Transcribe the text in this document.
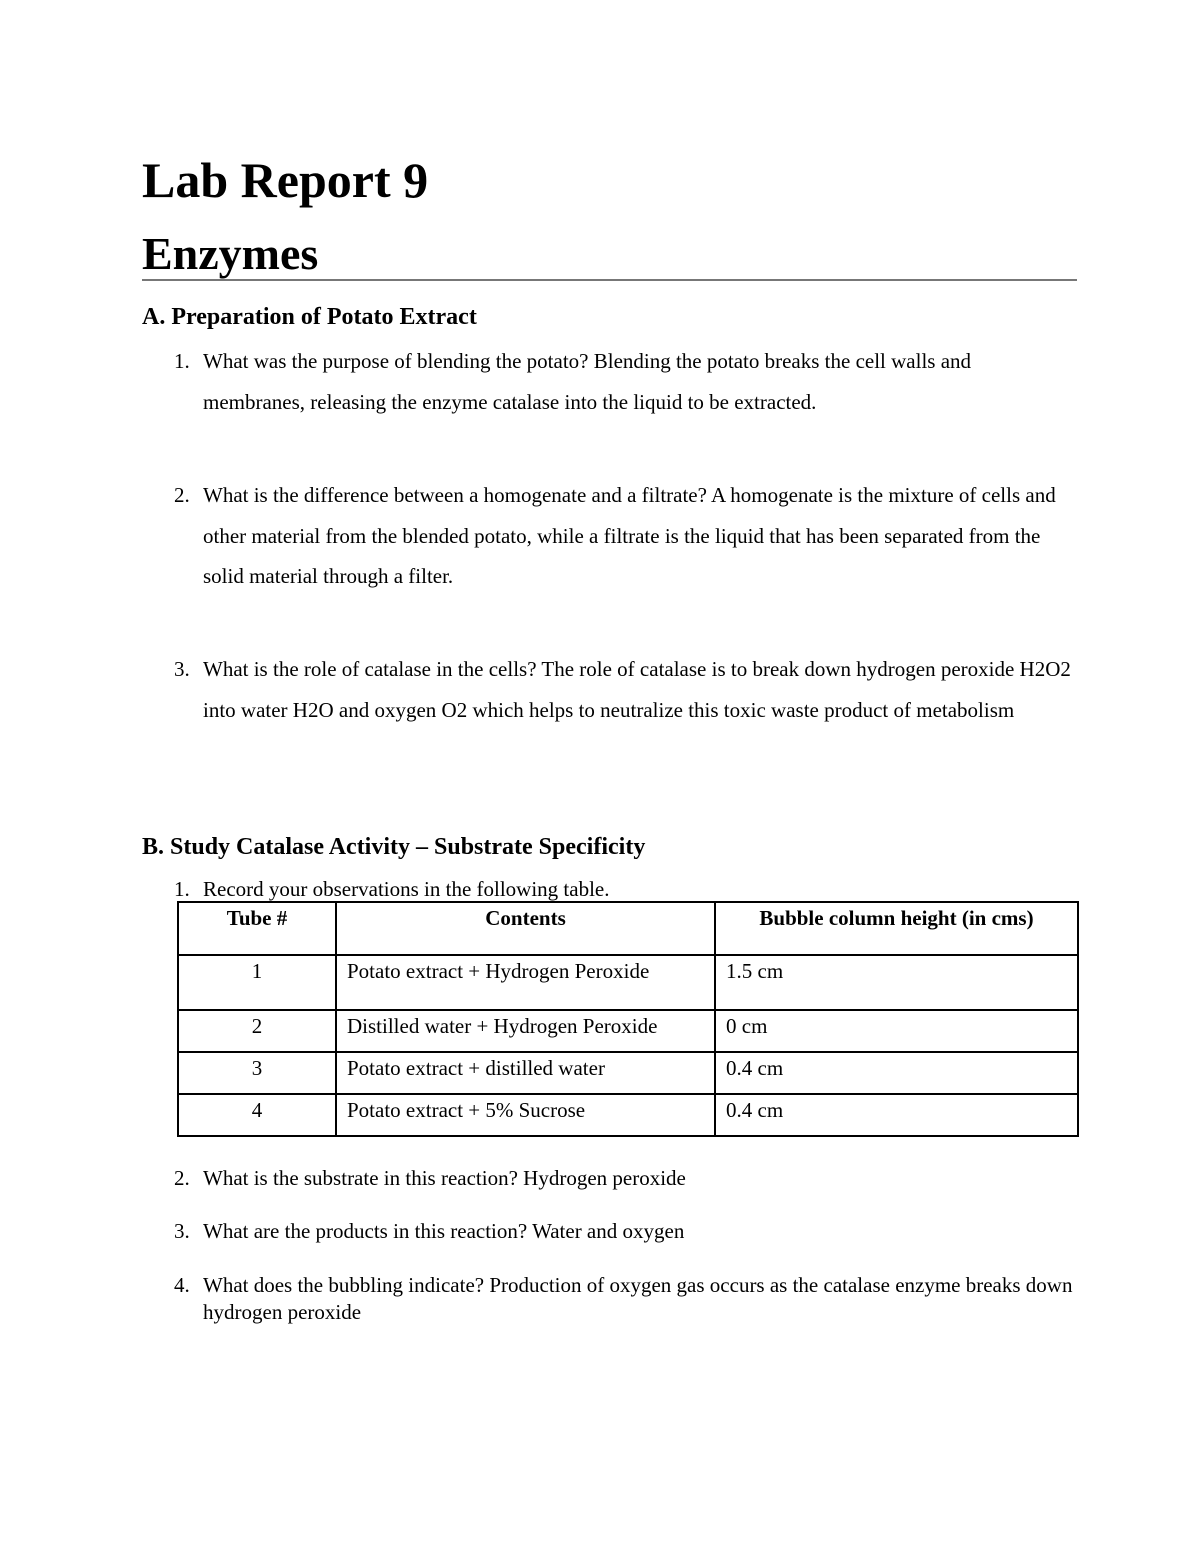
Lab Report 9
Enzymes
A. Preparation of Potato Extract
1. What was the purpose of blending the potato? Blending the potato breaks the cell walls and membranes, releasing the enzyme catalase into the liquid to be extracted.
2. What is the difference between a homogenate and a filtrate? A homogenate is the mixture of cells and other material from the blended potato, while a filtrate is the liquid that has been separated from the solid material through a filter.
3. What is the role of catalase in the cells? The role of catalase is to break down hydrogen peroxide H2O2 into water H2O and oxygen O2 which helps to neutralize this toxic waste product of metabolism
B. Study Catalase Activity – Substrate Specificity
1. Record your observations in the following table.
Tube #	Contents	Bubble column height (in cms)
1	Potato extract + Hydrogen Peroxide	1.5 cm
2	Distilled water + Hydrogen Peroxide	0 cm
3	Potato extract + distilled water	0.4 cm
4	Potato extract + 5% Sucrose	0.4 cm
2. What is the substrate in this reaction? Hydrogen peroxide
3. What are the products in this reaction? Water and oxygen
4. What does the bubbling indicate? Production of oxygen gas occurs as the catalase enzyme breaks down hydrogen peroxide
